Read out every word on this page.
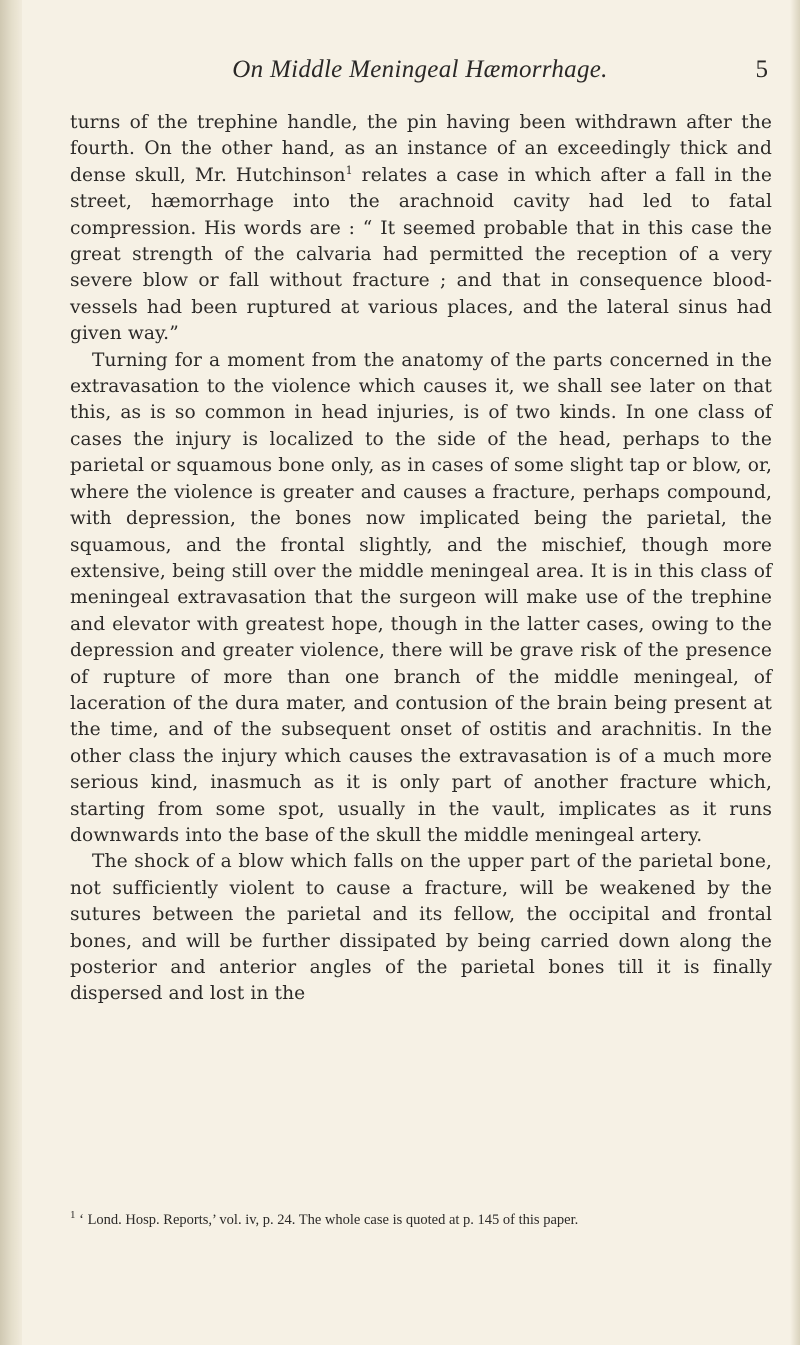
On Middle Meningeal Hæmorrhage.	5

turns of the trephine handle, the pin having been withdrawn after the fourth. On the other hand, as an instance of an exceedingly thick and dense skull, Mr. Hutchinson$^1$ relates a case in which after a fall in the street, hæmorrhage into the arachnoid cavity had led to fatal compression. His words are : “ It seemed probable that in this case the great strength of the calvaria had permitted the reception of a very severe blow or fall without fracture ; and that in consequence blood-vessels had been ruptured at various places, and the lateral sinus had given way.”

Turning for a moment from the anatomy of the parts concerned in the extravasation to the violence which causes it, we shall see later on that this, as is so common in head injuries, is of two kinds. In one class of cases the injury is localized to the side of the head, perhaps to the parietal or squamous bone only, as in cases of some slight tap or blow, or, where the violence is greater and causes a fracture, perhaps compound, with depression, the bones now implicated being the parietal, the squamous, and the frontal slightly, and the mischief, though more extensive, being still over the middle meningeal area. It is in this class of meningeal extravasation that the surgeon will make use of the trephine and elevator with greatest hope, though in the latter cases, owing to the depression and greater violence, there will be grave risk of the presence of rupture of more than one branch of the middle meningeal, of laceration of the dura mater, and contusion of the brain being present at the time, and of the subsequent onset of ostitis and arachnitis. In the other class the injury which causes the extravasation is of a much more serious kind, inasmuch as it is only part of another fracture which, starting from some spot, usually in the vault, implicates as it runs downwards into the base of the skull the middle meningeal artery.

The shock of a blow which falls on the upper part of the parietal bone, not sufficiently violent to cause a fracture, will be weakened by the sutures between the parietal and its fellow, the occipital and frontal bones, and will be further dissipated by being carried down along the posterior and anterior angles of the parietal bones till it is finally dispersed and lost in the

$^1$ ‘ Lond. Hosp. Reports,’ vol. iv, p. 24. The whole case is quoted at p. 145 of this paper.
